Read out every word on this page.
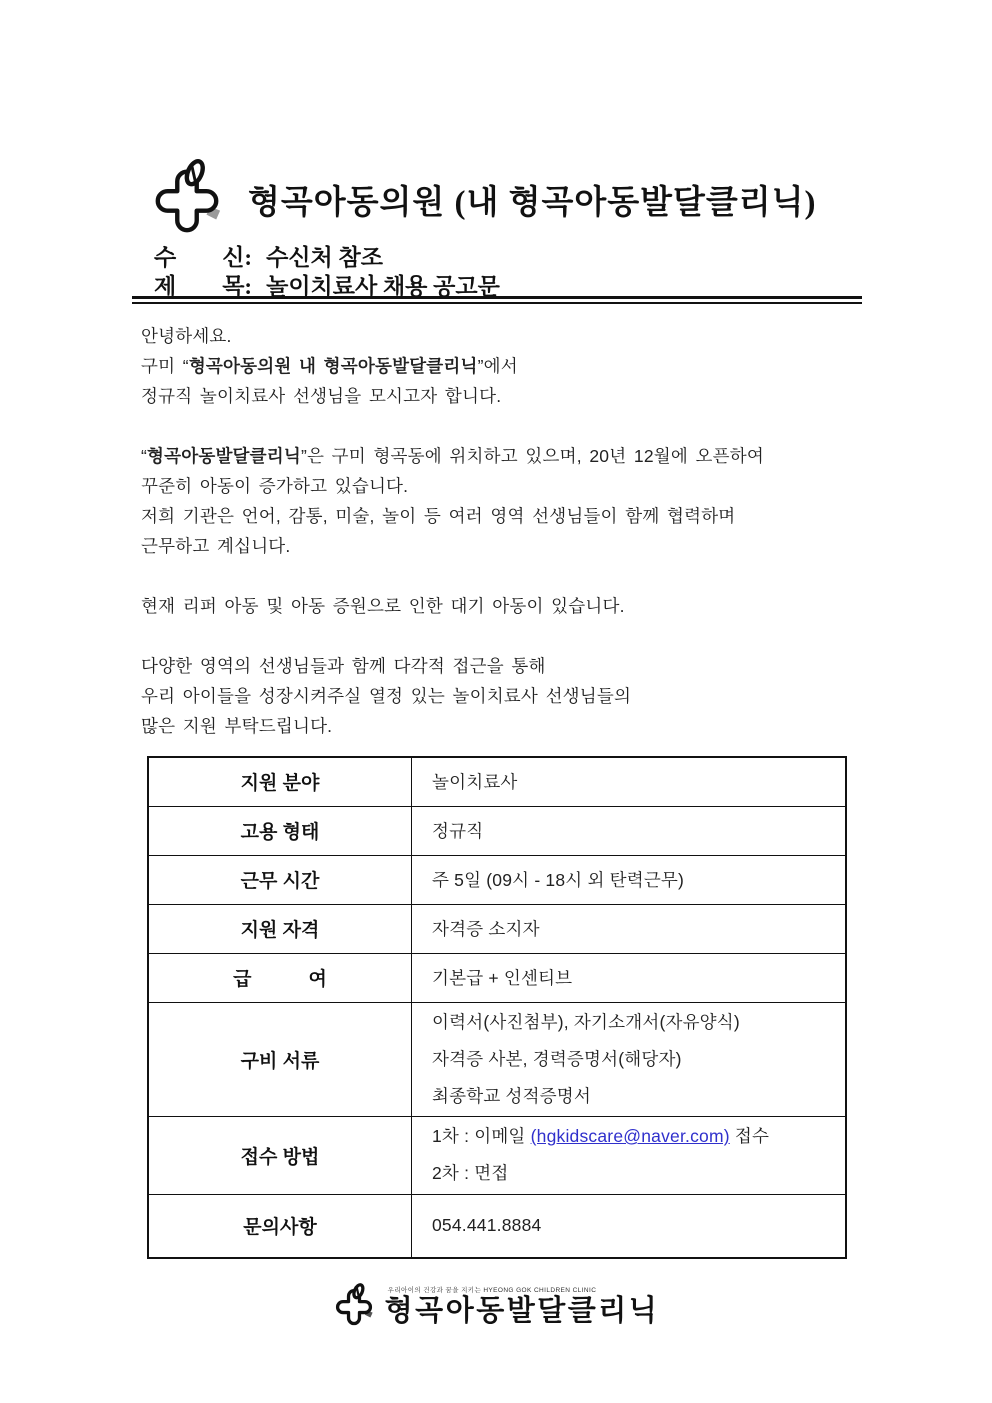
형곡아동의원 (내 형곡아동발달클리닉)
수　　신: 수신처 참조
제　　목: 놀이치료사 채용 공고문

안녕하세요.
구미 “형곡아동의원 내 형곡아동발달클리닉”에서
정규직 놀이치료사 선생님을 모시고자 합니다.

“형곡아동발달클리닉”은 구미 형곡동에 위치하고 있으며, 20년 12월에 오픈하여
꾸준히 아동이 증가하고 있습니다.
저희 기관은 언어, 감통, 미술, 놀이 등 여러 영역 선생님들이 함께 협력하며
근무하고 계십니다.

현재 리퍼 아동 및 아동 증원으로 인한 대기 아동이 있습니다.

다양한 영역의 선생님들과 함께 다각적 접근을 통해
우리 아이들을 성장시켜주실 열정 있는 놀이치료사 선생님들의
많은 지원 부탁드립니다.

지원 분야	놀이치료사
고용 형태	정규직
근무 시간	주 5일 (09시 - 18시 외 탄력근무)
지원 자격	자격증 소지자
급　　　여	기본급 + 인센티브
구비 서류	이력서(사진첨부), 자기소개서(자유양식)
자격증 사본, 경력증명서(해당자)
최종학교 성적증명서

접수 방법	1차 : 이메일 (hgkidscare@naver.com) 접수
2차 : 면접

문의사항	054.441.8884
우리아이의 건강과 꿈을 지키는 HYEONG GOK CHILDREN CLINIC
형곡아동발달클리닉
